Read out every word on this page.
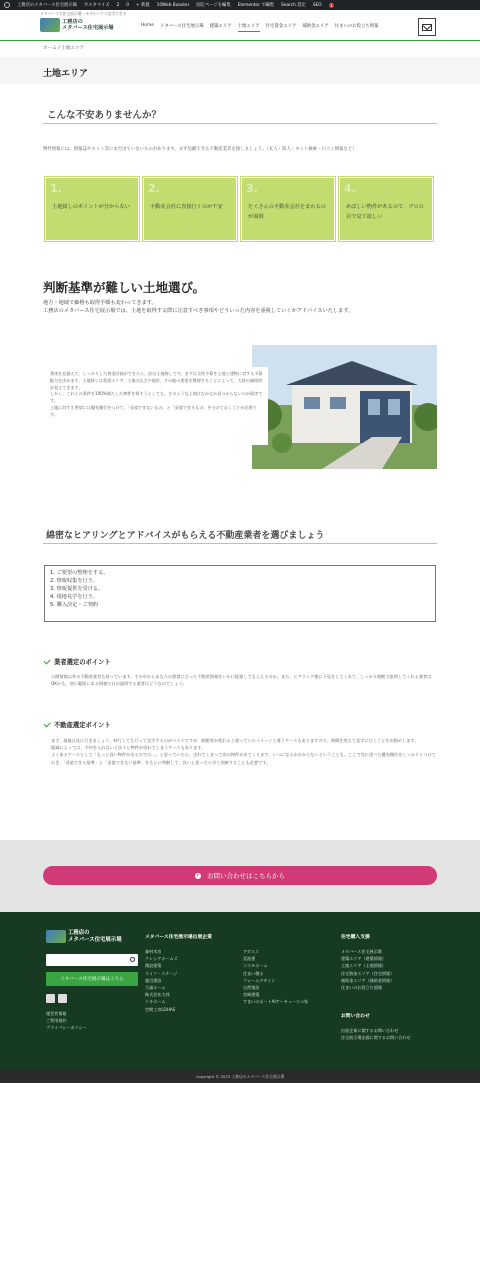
工務店のメタバース住宅展示場 カスタマイズ 2 0 + 新規 10Web Booster 固定ページを編集 Elementor で編集 Search 設定 SEO	1
メタバースで住宅展示場・モデルハウス見学できる
工務店の
メタバース住宅展示場	Home メタバース住宅展示場 建築エリア 土地エリア 住宅資金エリア 補助金エリア 住まいのお役立ち情報
ホーム / 土地エリア
土地エリア
こんな不安ありませんか？
物件情報には、情報誌やネット等にまだ出ていないものがあります。まず信頼できる不動産業者を探しましょう。（友人・知人・ネット検索・口コミ情報など）
1.
土地探しのポイントが分からない
2.
不動産会社に直接行くのが不安
3.
たくさんの不動産会社をまわるのが面倒
4.
めぼしい物件があるので、プロの目で見て欲しい
判断基準が難しい土地選び。
地方・地域で価格も取得手順も変わってきます。
工務店のメタバース住宅展示場では、土地を取得する際に注意すべき事項やどういった内容を重視していくかアドバイスいたします。
将来を見据えて、しっかりした資金計画ができたら、次は土地探しです。まずは全体予算を土地と建物に対する予算配分を決めます。土地探しは希望エリア、土地の広さや地形、その他の要望を整理することによって、大体の価格帯が見えてきます。
しかし、これらの条件を100%満たした物件を探そうとしても、そのような土地はなかなか見つからないのが現実です。
土地に対する要望には優先順位をつけて、「妥協できないもの」と「妥協できるもの」を分けておくことが必要です。
綿密なヒアリングとアドバイスがもらえる不動産業者を選びましょう
1. ご要望の整理をする。
2. 情報収集を行う。
3. 情報提供を受ける。
4. 現地見学を行う。
5. 購入決定・ご契約
業者選定のポイント
公開情報以外の不動産業者も持っています。その中からあなたの要望に合った不動産情報をいかに提案してもらえるのか。また、ヒアリング後に下見をしてくれて、しっかり根拠で説明してくれる業者はOKかも、逆に範囲にある情報だけの説明する業者はどうなのでしょう。
不動産選定ポイント
まず、現地は見に行きましょう。時行しても行って見学するのがベストですが、制限等が変わると違っていたイメージと違うケースもありますので、時間を変えて見学に行くことをお勧めします。
地域によっては、予約を入れないと次々と物件が売れてしまうケースもあります。
よくあるケースとして「もっと良い物件が出るのでは…」と思っていたら、売れてしまって次の物件が出てくるまで、いつになるかわからないということも。ここで先に述べた優先順位をしっかりとつけておき、「妥協できる基準」と「妥協できない基準」をもとに判断して、良いと思ったら早く決断することも必要です。
お問い合わせはこちらから
工務店の
メタバース住宅展示場	メタバース住宅展示場出展企業
森村木房
クレシアホームズ
創設建築
ライフ・ステージ
風辺建設
大福ホーム
株式会社大邦
トキホーム
空間工房LOHAS
アダスス
晃池建
コスモホーム
住まい創る
フォームデザイン
自然建設
宮崎建築
すまいのポートAIアーキュースつ家
住宅購入支援
メタバース住宅展示場
建築エリア（建築情報）
土地エリア（土地情報）
住宅資金エリア（住宅情報）
補助金エリア（補助金情報）
住まいのお役立ち情報
お問い合わせ
出展企業に関するお問い合わせ
住宅展示場企画に関するお問い合わせ
運営者情報
ご利用規約
プライバシーポリシー
メタバース住宅展示場はこちら
Copyright © 2023 工務店のメタバース住宅展示場
